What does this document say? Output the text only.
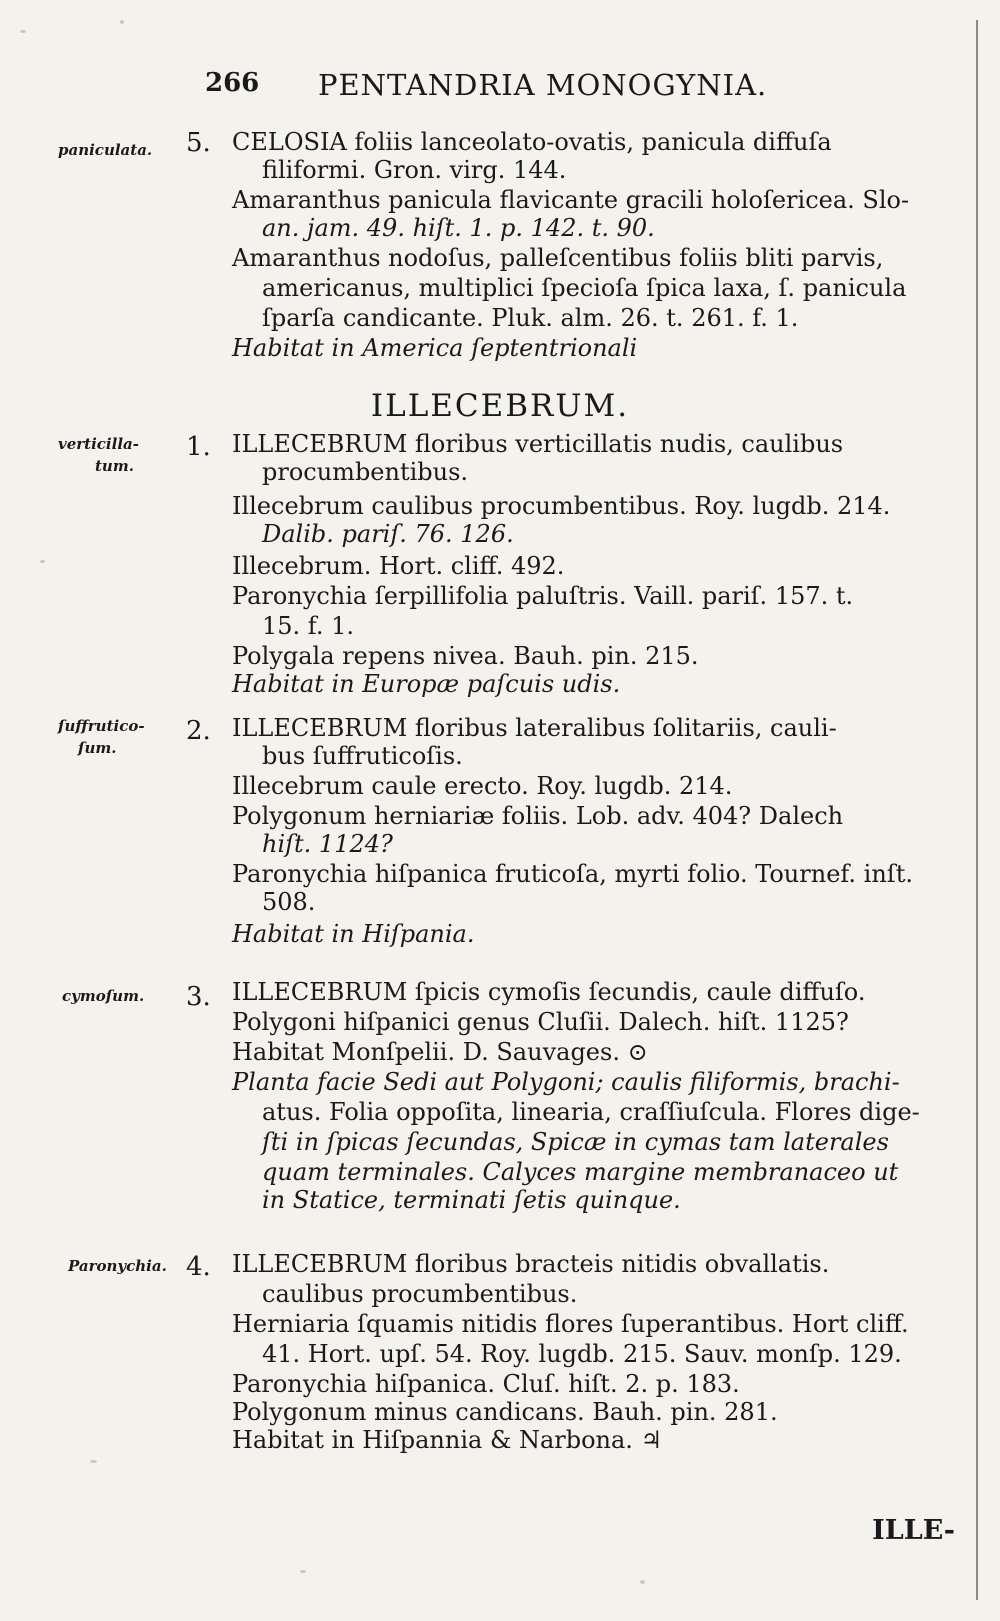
266 PENTANDRIA MONOGYNIA.
paniculata.	5. CELOSIA foliis lanceolato-ovatis, panicula diffuſa
filiformi. Gron. virg. 144.
Amaranthus panicula flavicante gracili holoſericea. Slo-
an. jam. 49. hiſt. 1. p. 142. t. 90.
Amaranthus nodoſus, palleſcentibus foliis bliti parvis,
americanus, multiplici ſpecioſa ſpica laxa, ſ. panicula
ſparſa candicante. Pluk. alm. 26. t. 261. f. 1.
Habitat in America ſeptentrionali
ILLECEBRUM.
verticilla-
tum.
1. ILLECEBRUM floribus verticillatis nudis, caulibus
procumbentibus.
Illecebrum caulibus procumbentibus. Roy. lugdb. 214.
Dalib. pariſ. 76. 126.
Illecebrum. Hort. cliff. 492.
Paronychia ſerpillifolia paluſtris. Vaill. pariſ. 157. t.
15. f. 1.
Polygala repens nivea. Bauh. pin. 215.
Habitat in Europæ paſcuis udis.
ſuffrutico-
ſum.
2. ILLECEBRUM floribus lateralibus ſolitariis, cauli-
bus ſuffruticoſis.
Illecebrum caule erecto. Roy. lugdb. 214.
Polygonum herniariæ foliis. Lob. adv. 404? Dalech
hiſt. 1124?
Paronychia hiſpanica fruticoſa, myrti folio. Tournef. inſt.
508.
Habitat in Hiſpania.
cymoſum.	3. ILLECEBRUM ſpicis cymoſis ſecundis, caule diffuſo.
Polygoni hiſpanici genus Cluſii. Dalech. hiſt. 1125?
Habitat Monſpelii. D. Sauvages. ⊙
Planta facie Sedi aut Polygoni; caulis filiformis, brachi-
atus. Folia oppoſita, linearia, craſſiuſcula. Flores dige-
ſti in ſpicas ſecundas, Spicæ in cymas tam laterales
quam terminales. Calyces margine membranaceo ut
in Statice, terminati ſetis quinque.
Paronychia. 4. ILLECEBRUM floribus bracteis nitidis obvallatis.
caulibus procumbentibus.
Herniaria ſquamis nitidis flores ſuperantibus. Hort cliff.
41. Hort. upſ. 54. Roy. lugdb. 215. Sauv. monſp. 129.
Paronychia hiſpanica. Cluſ. hiſt. 2. p. 183.
Polygonum minus candicans. Bauh. pin. 281.
Habitat in Hiſpannia & Narbona. ♃
ILLE-
